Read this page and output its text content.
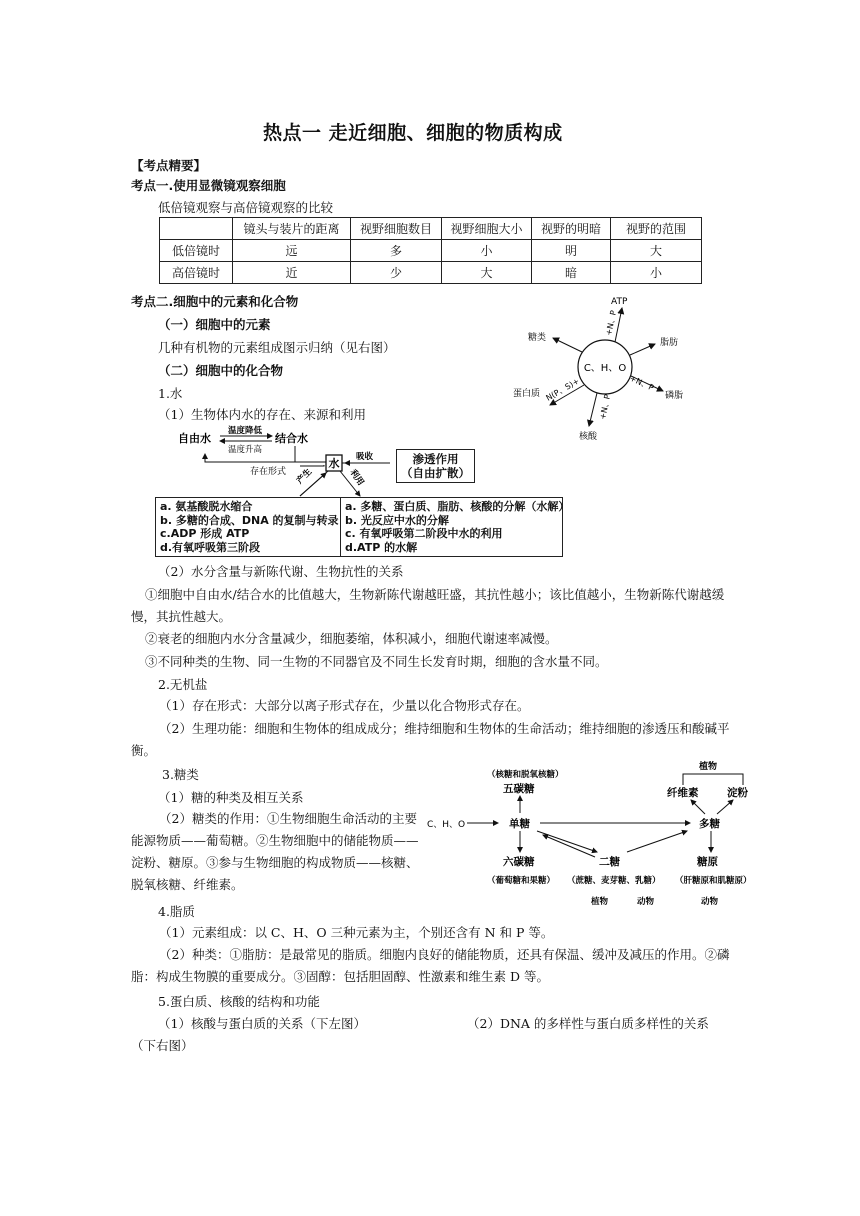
热点一 走近细胞、细胞的物质构成
【考点精要】
考点一.使用显微镜观察细胞
低倍镜观察与高倍镜观察的比较
	镜头与装片的距离	视野细胞数目	视野细胞大小	视野的明暗	视野的范围
低倍镜时	远	多	小	明	大
高倍镜时	近	少	大	暗	小
考点二.细胞中的元素和化合物
（一）细胞中的元素
几种有机物的元素组成图示归纳（见右图）
（二）细胞中的化合物
1.水
（1）生物体内水的存在、来源和利用
C、H、O
ATP
+N、P
糖类	脂肪
蛋白质 N(P、S)+	磷脂
+N、P
核酸
+N、P
自由水	结合水
温度降低
温度升高
存在形式
水 吸收
产生	利用
渗透作用
（自由扩散）
a. 氨基酸脱水缩合
b. 多糖的合成、DNA 的复制与转录
c.ADP 形成 ATP
d.有氧呼吸第三阶段
a. 多糖、蛋白质、脂肪、核酸的分解（水解）
b. 光反应中水的分解
c. 有氧呼吸第二阶段中水的利用
d.ATP 的水解
（2）水分含量与新陈代谢、生物抗性的关系
①细胞中自由水/结合水的比值越大，生物新陈代谢越旺盛，其抗性越小；该比值越小，生物新陈代谢越缓慢，其抗性越大。
②衰老的细胞内水分含量减少，细胞萎缩，体积减小，细胞代谢速率减慢。
③不同种类的生物、同一生物的不同器官及不同生长发育时期，细胞的含水量不同。
2.无机盐
（1）存在形式：大部分以离子形式存在，少量以化合物形式存在。
（2）生理功能：细胞和生物体的组成成分；维持细胞和生物体的生命活动；维持细胞的渗透压和酸碱平衡。
3.糖类
（1）糖的种类及相互关系
（2）糖类的作用：①生物细胞生命活动的主要能源物质——葡萄糖。②生物细胞中的储能物质——淀粉、糖原。③参与生物细胞的构成物质——核糖、脱氧核糖、纤维素。
（核糖和脱氧核糖）
五碳糖
C、H、O	单糖
六碳糖
（葡萄糖和果糖）
二糖
（蔗糖、麦芽糖、乳糖）
植物	动物
植物
纤维素	淀粉
多糖
糖原
（肝糖原和肌糖原）
动物
4.脂质
（1）元素组成：以 C、H、O 三种元素为主，个别还含有 N 和 P 等。
（2）种类：①脂肪：是最常见的脂质。细胞内良好的储能物质，还具有保温、缓冲及减压的作用。②磷脂：构成生物膜的重要成分。③固醇：包括胆固醇、性激素和维生素 D 等。
5.蛋白质、核酸的结构和功能
（1）核酸与蛋白质的关系（下左图）	（2）DNA 的多样性与蛋白质多样性的关系（下右图）
